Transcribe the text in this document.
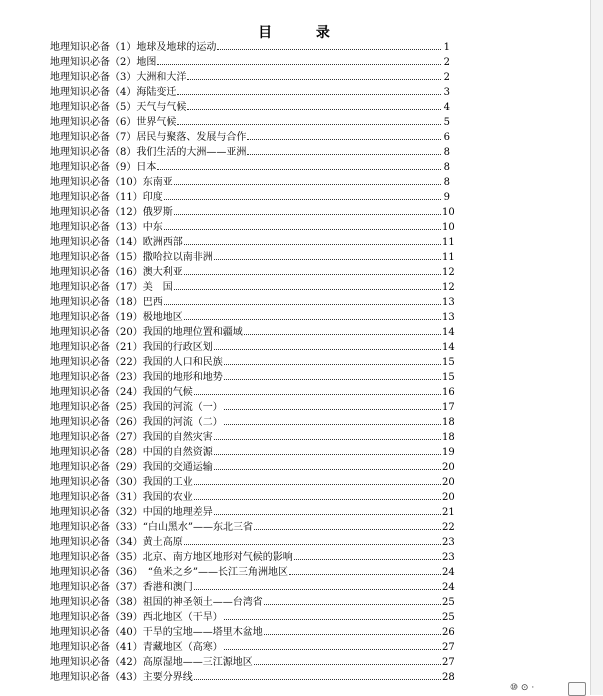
目	录
地理知识必备（1）地球及地球的运动	1
地理知识必备（2）地图	2
地理知识必备（3）大洲和大洋	2
地理知识必备（4）海陆变迁	3
地理知识必备（5）天气与气候	4
地理知识必备（6）世界气候	5
地理知识必备（7）居民与聚落、发展与合作	6
地理知识必备（8）我们生活的大洲——亚洲	8
地理知识必备（9）日本	8
地理知识必备（10）东南亚	8
地理知识必备（11）印度	9
地理知识必备（12）俄罗斯	10
地理知识必备（13）中东	10
地理知识必备（14）欧洲西部	11
地理知识必备（15）撒哈拉以南非洲	11
地理知识必备（16）澳大利亚	12
地理知识必备（17）美　国	12
地理知识必备（18）巴西	13
地理知识必备（19）极地地区	13
地理知识必备（20）我国的地理位置和疆域	14
地理知识必备（21）我国的行政区划	14
地理知识必备（22）我国的人口和民族	15
地理知识必备（23）我国的地形和地势	15
地理知识必备（24）我国的气候	16
地理知识必备（25）我国的河流（一）	17
地理知识必备（26）我国的河流（二）	18
地理知识必备（27）我国的自然灾害	18
地理知识必备（28）中国的自然资源	19
地理知识必备（29）我国的交通运输	20
地理知识必备（30）我国的工业	20
地理知识必备（31）我国的农业	20
地理知识必备（32）中国的地理差异	21
地理知识必备（33）“白山黑水”——东北三省	22
地理知识必备（34）黄土高原	23
地理知识必备（35）北京、南方地区地形对气候的影响	23
地理知识必备（36）　“鱼米之乡”——长江三角洲地区	24
地理知识必备（37）香港和澳门	24
地理知识必备（38）祖国的神圣领土——台湾省	25
地理知识必备（39）西北地区（干旱）	25
地理知识必备（40）干旱的宝地——塔里木盆地	26
地理知识必备（41）青藏地区（高寒）	27
地理知识必备（42）高原湿地——三江源地区	27
地理知识必备（43）主要分界线	28
⑩ ⊙ ·
